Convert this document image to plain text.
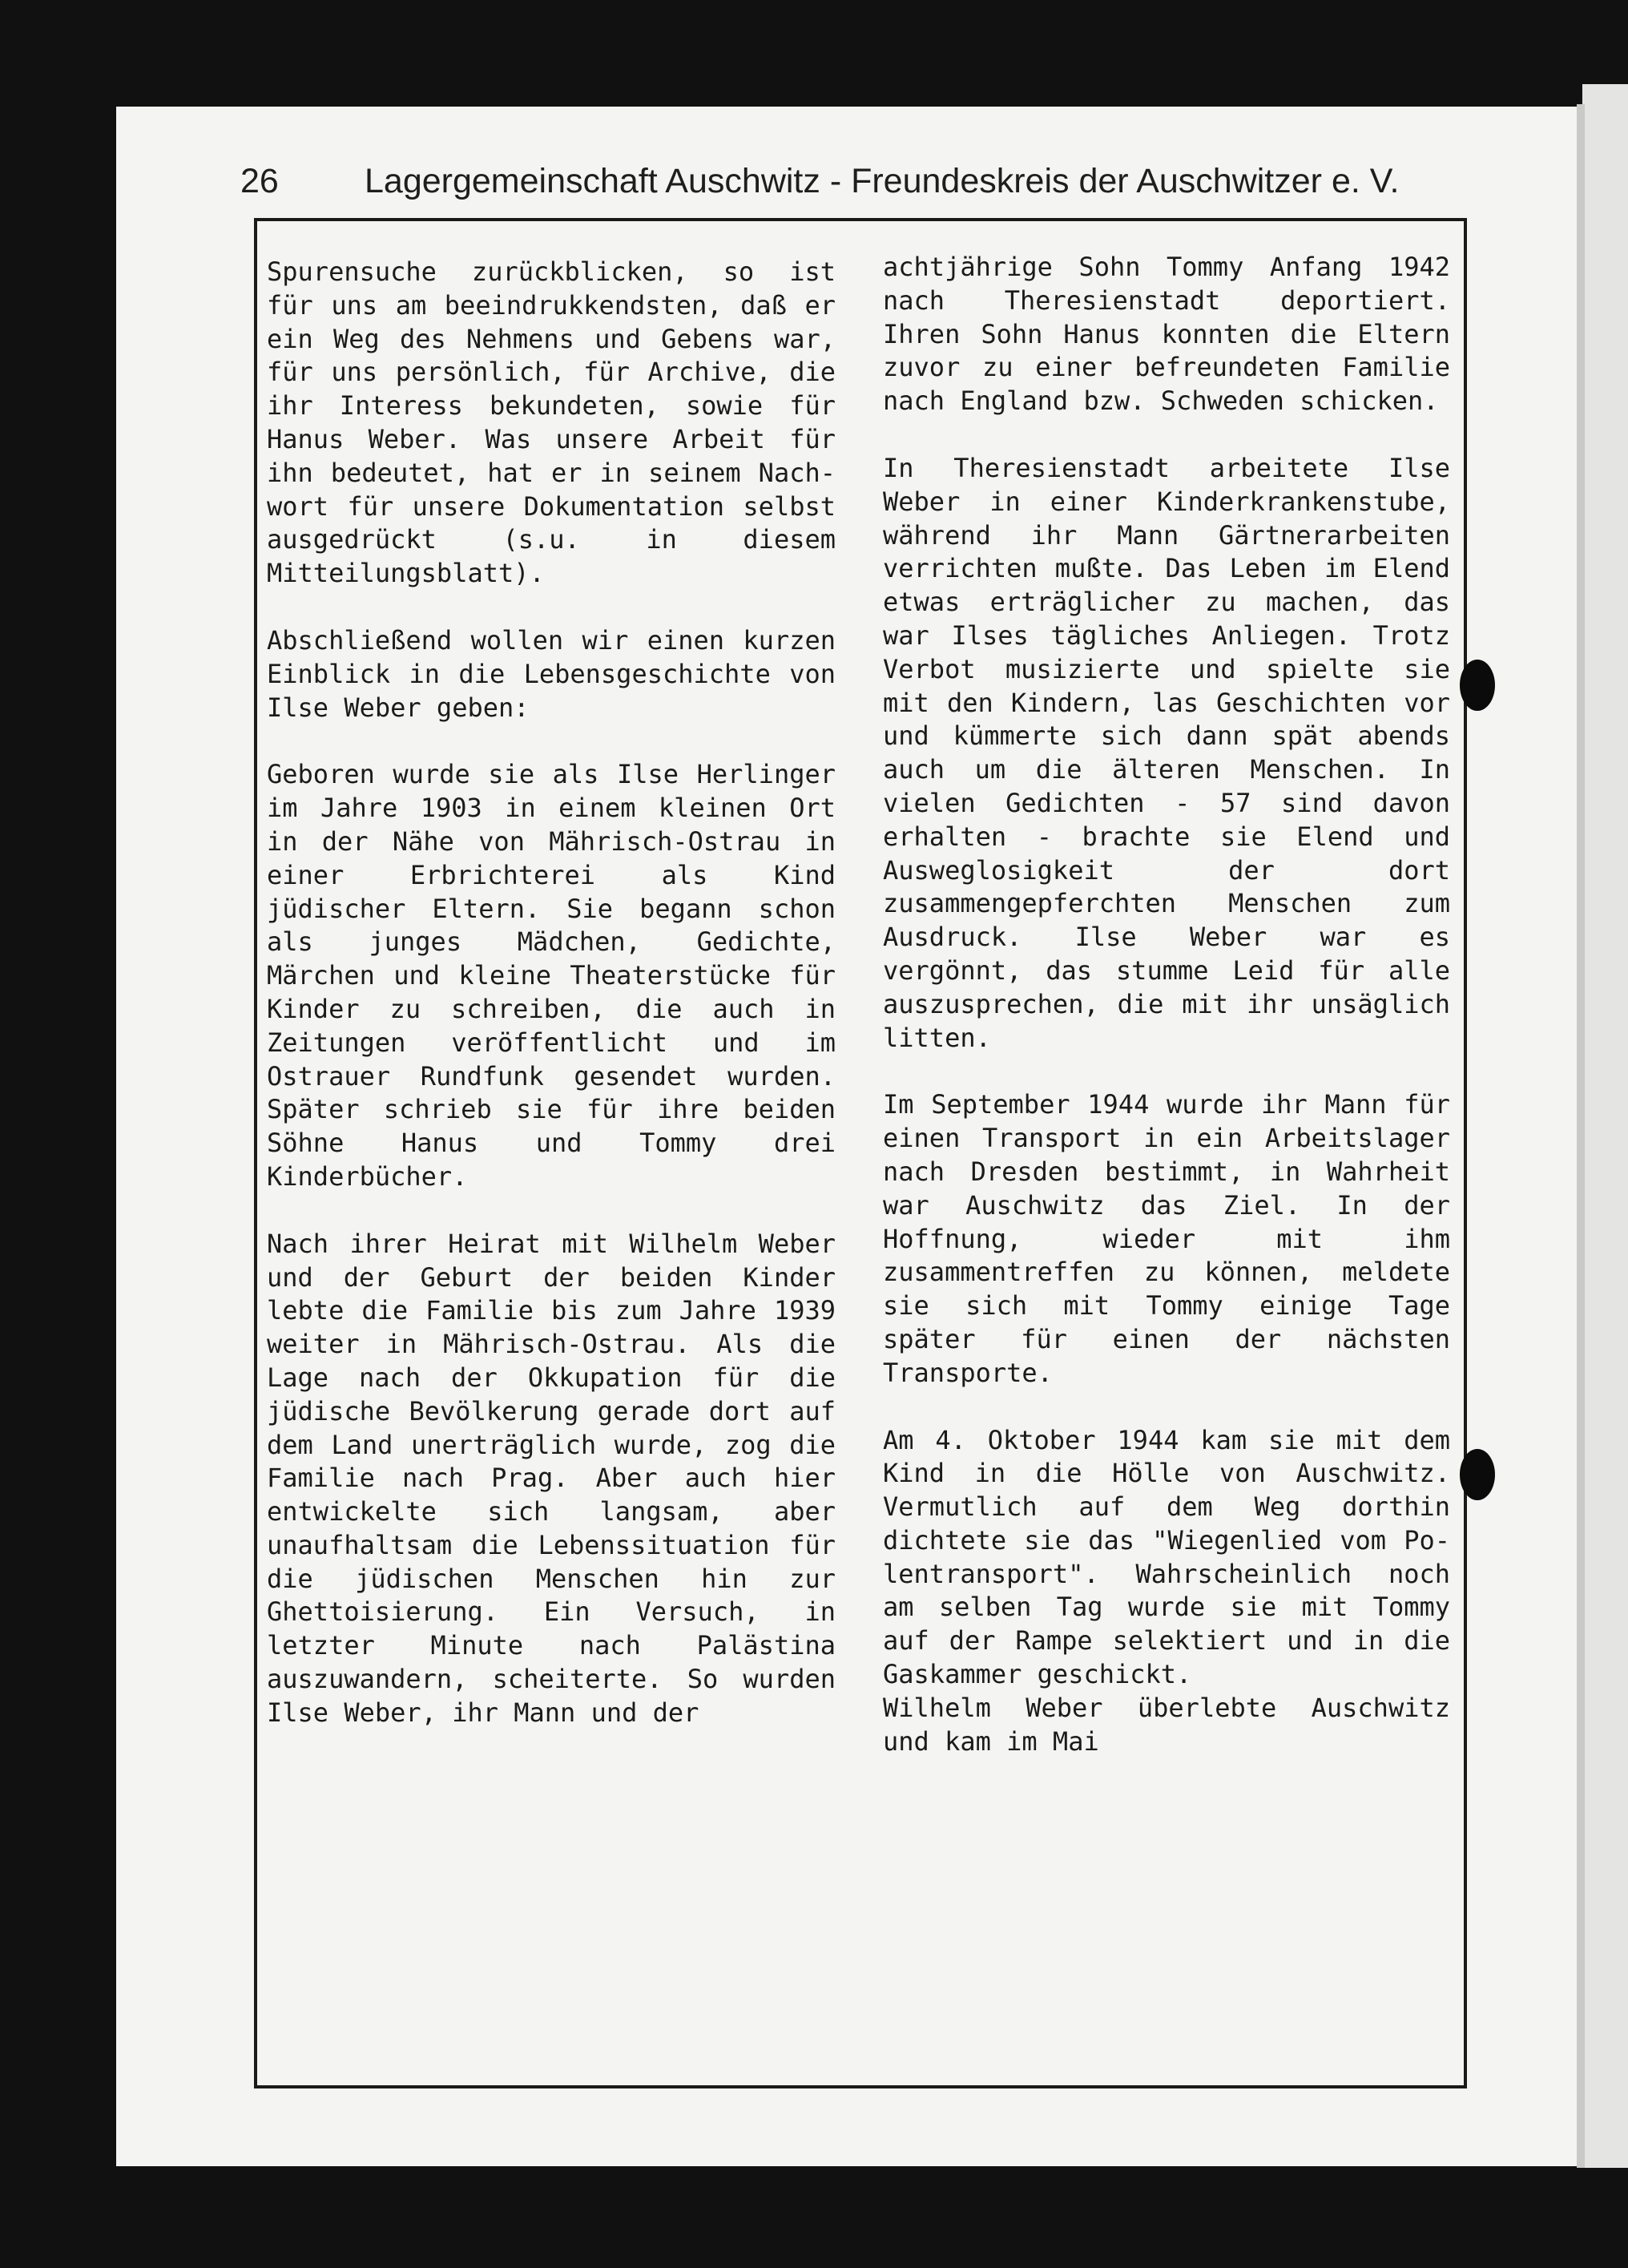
26 Lagergemeinschaft Auschwitz - Freundeskreis der Auschwitzer e. V.

Spurensuche zurückblicken, so ist für uns am beeindrukkendsten, daß er ein Weg des Nehmens und Gebens war, für uns persönlich, für Archive, die ihr Interess bekundeten, sowie für Hanus Weber. Was unsere Arbeit für ihn bedeutet, hat er in seinem Nachwort für unsere Dokumentation selbst ausgedrückt (s.u. in diesem Mitteilungsblatt).

Abschließend wollen wir einen kurzen Einblick in die Lebensgeschichte von Ilse Weber geben:

Geboren wurde sie als Ilse Herlinger im Jahre 1903 in einem kleinen Ort in der Nähe von Mährisch-Ostrau in einer Erbrichterei als Kind jüdischer Eltern. Sie begann schon als junges Mädchen, Gedichte, Märchen und kleine Theaterstücke für Kinder zu schreiben, die auch in Zeitungen veröffentlicht und im Ostrauer Rundfunk gesendet wurden. Später schrieb sie für ihre beiden Söhne Hanus und Tommy drei Kinderbücher.

Nach ihrer Heirat mit Wilhelm Weber und der Geburt der beiden Kinder lebte die Familie bis zum Jahre 1939 weiter in Mährisch-Ostrau. Als die Lage nach der Okkupation für die jüdische Bevölkerung gerade dort auf dem Land unerträglich wurde, zog die Familie nach Prag. Aber auch hier entwickelte sich langsam, aber unaufhaltsam die Lebenssituation für die jüdischen Menschen hin zur Ghettoisierung. Ein Versuch, in letzter Minute nach Palästina auszuwandern, scheiterte. So wurden Ilse Weber, ihr Mann und der

achtjährige Sohn Tommy Anfang 1942 nach Theresienstadt deportiert. Ihren Sohn Hanus konnten die Eltern zuvor zu einer befreundeten Familie nach England bzw. Schweden schicken.

In Theresienstadt arbeitete Ilse Weber in einer Kinderkrankenstube, während ihr Mann Gärtnerarbeiten verrichten mußte. Das Leben im Elend etwas erträglicher zu machen, das war Ilses tägliches Anliegen. Trotz Verbot musizierte und spielte sie mit den Kindern, las Geschichten vor und kümmerte sich dann spät abends auch um die älteren Menschen. In vielen Gedichten - 57 sind davon erhalten - brachte sie Elend und Ausweglosigkeit der dort zusammengepferchten Menschen zum Ausdruck. Ilse Weber war es vergönnt, das stumme Leid für alle auszusprechen, die mit ihr unsäglich litten.

Im September 1944 wurde ihr Mann für einen Transport in ein Arbeitslager nach Dresden bestimmt, in Wahrheit war Auschwitz das Ziel. In der Hoffnung, wieder mit ihm zusammentreffen zu können, meldete sie sich mit Tommy einige Tage später für einen der nächsten Transporte.

Am 4. Oktober 1944 kam sie mit dem Kind in die Hölle von Auschwitz. Vermutlich auf dem Weg dorthin dichtete sie das "Wiegenlied vom Polentransport". Wahrscheinlich noch am selben Tag wurde sie mit Tommy auf der Rampe selektiert und in die Gaskammer geschickt.

Wilhelm Weber überlebte Auschwitz und kam im Mai
